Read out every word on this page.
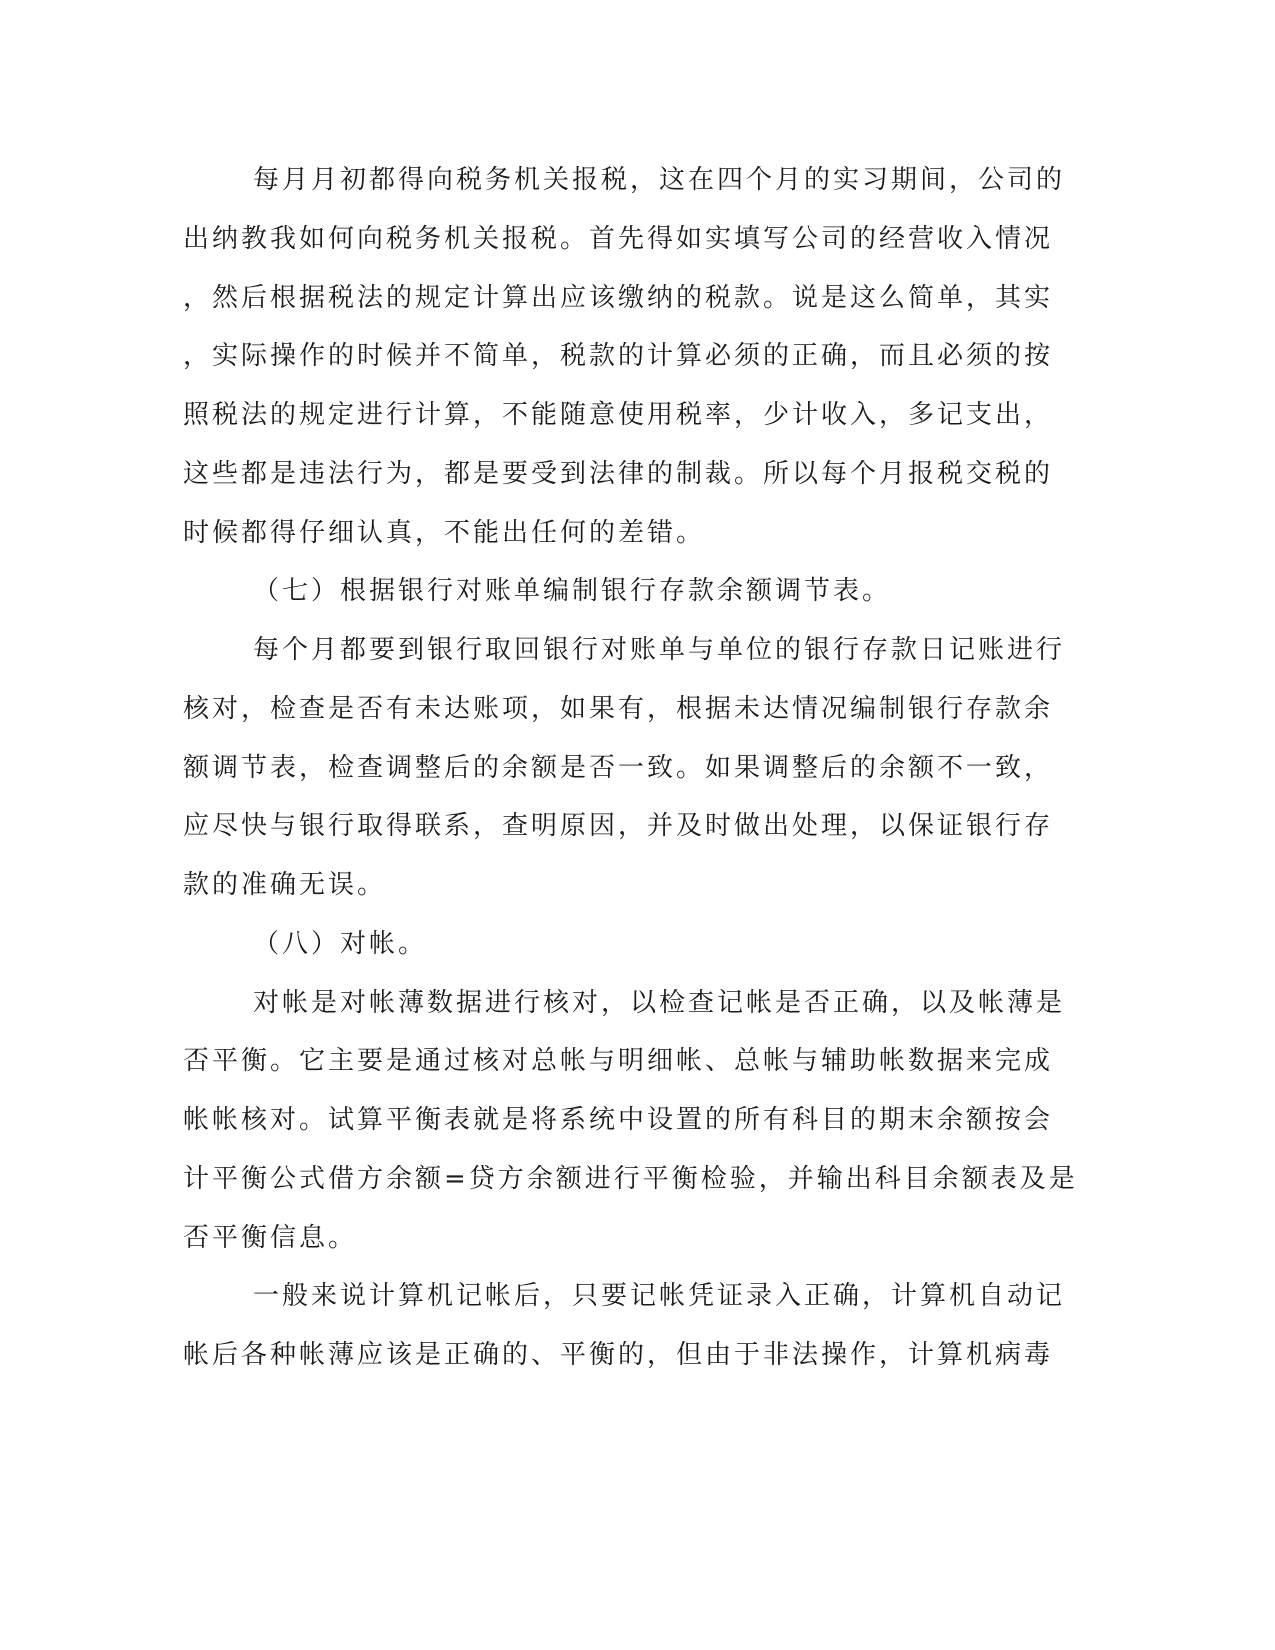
每月月初都得向税务机关报税，这在四个月的实习期间，公司的
出纳教我如何向税务机关报税。首先得如实填写公司的经营收入情况
，然后根据税法的规定计算出应该缴纳的税款。说是这么简单，其实
，实际操作的时候并不简单，税款的计算必须的正确，而且必须的按
照税法的规定进行计算，不能随意使用税率，少计收入，多记支出，
这些都是违法行为，都是要受到法律的制裁。所以每个月报税交税的
时候都得仔细认真，不能出任何的差错。
（七）根据银行对账单编制银行存款余额调节表。
每个月都要到银行取回银行对账单与单位的银行存款日记账进行
核对，检查是否有未达账项，如果有，根据未达情况编制银行存款余
额调节表，检查调整后的余额是否一致。如果调整后的余额不一致，
应尽快与银行取得联系，查明原因，并及时做出处理，以保证银行存
款的准确无误。
（八）对帐。
对帐是对帐薄数据进行核对，以检查记帐是否正确，以及帐薄是
否平衡。它主要是通过核对总帐与明细帐、总帐与辅助帐数据来完成
帐帐核对。试算平衡表就是将系统中设置的所有科目的期末余额按会
计平衡公式借方余额=贷方余额进行平衡检验，并输出科目余额表及是
否平衡信息。
一般来说计算机记帐后，只要记帐凭证录入正确，计算机自动记
帐后各种帐薄应该是正确的、平衡的，但由于非法操作，计算机病毒
